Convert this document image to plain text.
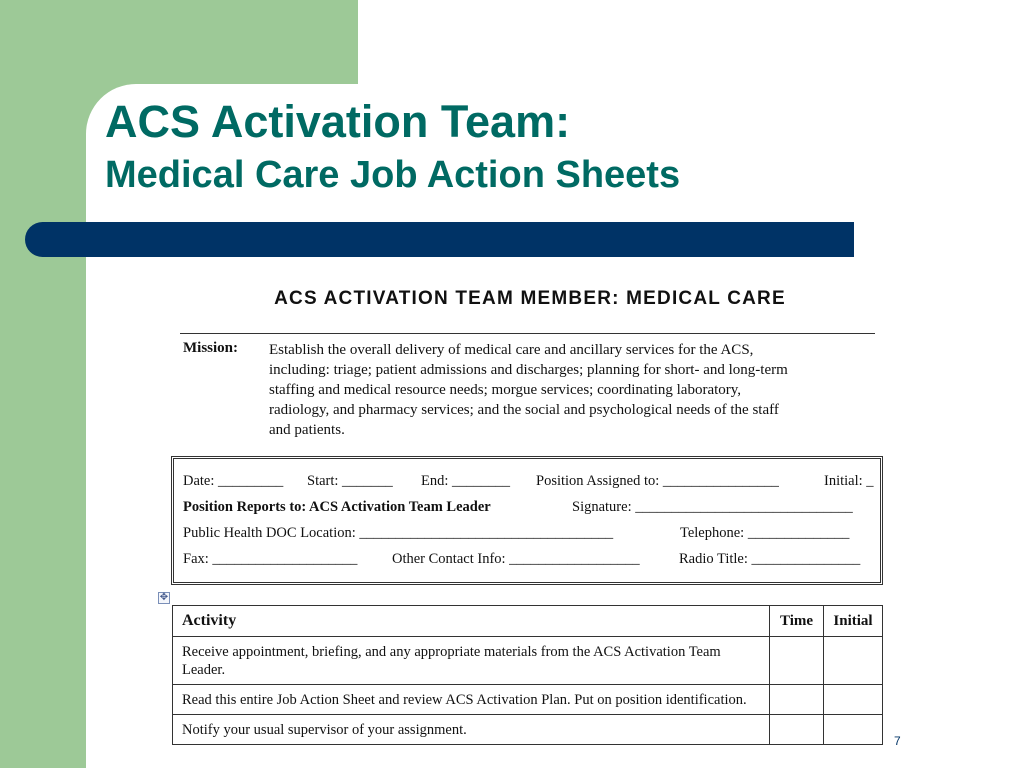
ACS Activation Team:
Medical Care Job Action Sheets
ACS ACTIVATION TEAM MEMBER: MEDICAL CARE
Mission: Establish the overall delivery of medical care and ancillary services for the ACS,
including: triage; patient admissions and discharges; planning for short- and long-term
staffing and medical resource needs; morgue services; coordinating laboratory,
radiology, and pharmacy services; and the social and psychological needs of the staff
and patients.
Date: _________ Start: _______ End: ________ Position Assigned to: ________________	Initial: _
Position Reports to: ACS Activation Team Leader	Signature: ______________________________
Public Health DOC Location: ___________________________________	Telephone: ______________
Fax: ____________________ Other Contact Info: __________________	Radio Title: _______________
✥
Activity	Time	Initial
Receive appointment, briefing, and any appropriate materials from the ACS Activation Team Leader.		
Read this entire Job Action Sheet and review ACS Activation Plan. Put on position identification.		
Notify your usual supervisor of your assignment.		
7
